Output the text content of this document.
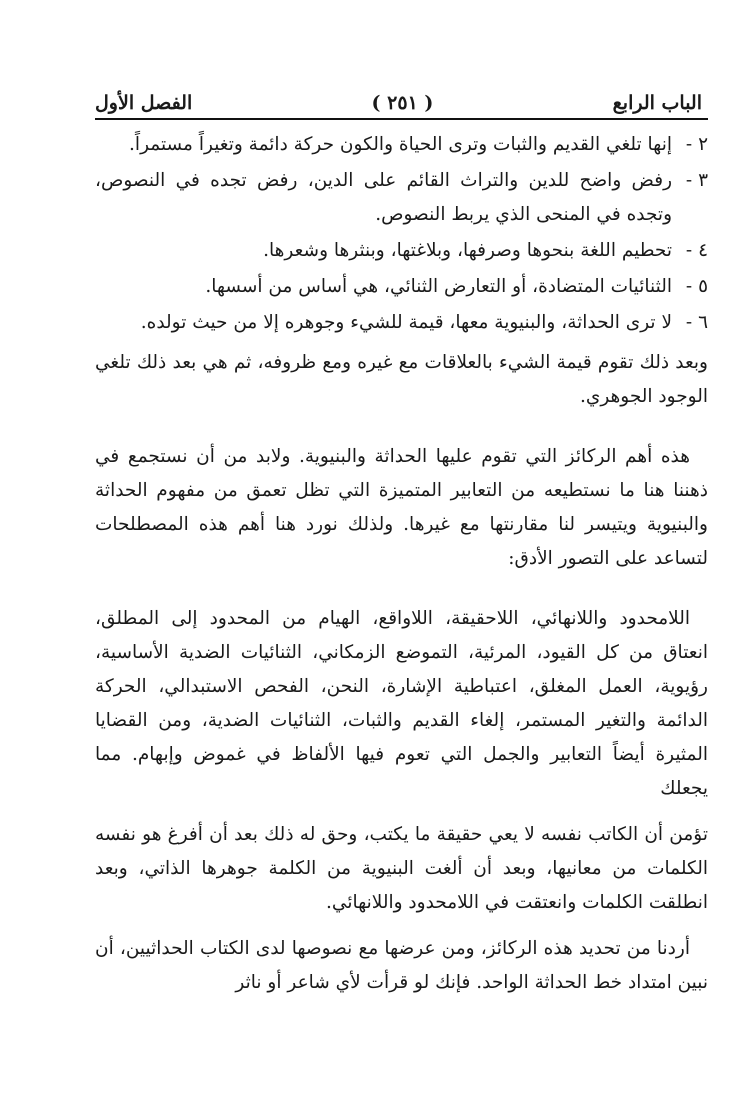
الباب الرابع
( ٢٥١ )
الفصل الأول
٢ -
إنها تلغي القديم والثبات وترى الحياة والكون حركة دائمة وتغيراً مستمراً.
٣ -
رفض واضح للدين والتراث القائم على الدين، رفض تجده في النصوص، وتجده في المنحى الذي يربط النصوص.
٤ -
تحطيم اللغة بنحوها وصرفها، وبلاغتها، وبنثرها وشعرها.
٥ -
الثنائيات المتضادة، أو التعارض الثنائي، هي أساس من أسسها.
٦ -
لا ترى الحداثة، والبنيوية معها، قيمة للشيء وجوهره إلا من حيث تولده.

وبعد ذلك تقوم قيمة الشيء بالعلاقات مع غيره ومع ظروفه، ثم هي بعد ذلك تلغي الوجود الجوهري.

هذه أهم الركائز التي تقوم عليها الحداثة والبنيوية. ولابد من أن نستجمع في ذهننا هنا ما نستطيعه من التعابير المتميزة التي تظل تعمق من مفهوم الحداثة والبنيوية ويتيسر لنا مقارنتها مع غيرها. ولذلك نورد هنا أهم هذه المصطلحات لتساعد على التصور الأدق:

اللامحدود واللانهائي، اللاحقيقة، اللاواقع، الهيام من المحدود إلى المطلق، انعتاق من كل القيود، المرئية، التموضع الزمكاني، الثنائيات الضدية الأساسية، رؤيوية، العمل المغلق، اعتباطية الإشارة، النحن، الفحص الاستبدالي، الحركة الدائمة والتغير المستمر، إلغاء القديم والثبات، الثنائيات الضدية، ومن القضايا المثيرة أيضاً التعابير والجمل التي تعوم فيها الألفاظ في غموض وإبهام. مما يجعلك

تؤمن أن الكاتب نفسه لا يعي حقيقة ما يكتب، وحق له ذلك بعد أن أفرغ هو نفسه الكلمات من معانيها، وبعد أن ألغت البنيوية من الكلمة جوهرها الذاتي، وبعد انطلقت الكلمات وانعتقت في اللامحدود واللانهائي.

أردنا من تحديد هذه الركائز، ومن عرضها مع نصوصها لدى الكتاب الحداثيين، أن نبين امتداد خط الحداثة الواحد. فإنك لو قرأت لأي شاعر أو ناثر
